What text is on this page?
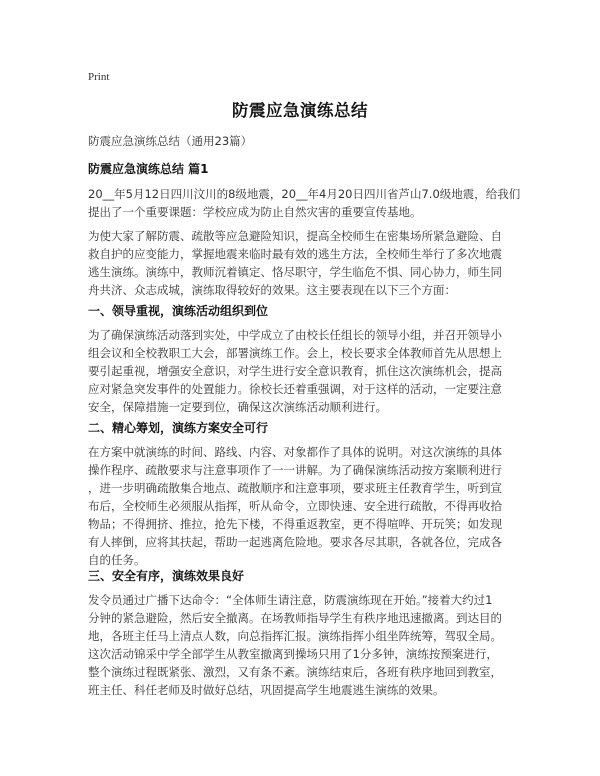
Print
防震应急演练总结
防震应急演练总结（通用23篇）
防震应急演练总结 篇1

20__年5月12日四川汶川的8级地震，20__年4月20日四川省芦山7.0级地震，给我们
提出了一个重要课题：学校应成为防止自然灾害的重要宣传基地。

为使大家了解防震、疏散等应急避险知识，提高全校师生在密集场所紧急避险、自
救自护的应变能力，掌握地震来临时最有效的逃生方法，全校师生举行了多次地震
逃生演练。演练中，教师沉着镇定、恪尽职守，学生临危不惧、同心协力，师生同
舟共济、众志成城，演练取得较好的效果。这主要表现在以下三个方面：

一、领导重视，演练活动组织到位

为了确保演练活动落到实处，中学成立了由校长任组长的领导小组，并召开领导小
组会议和全校教职工大会，部署演练工作。会上，校长要求全体教师首先从思想上
要引起重视，增强安全意识，对学生进行安全意识教育，抓住这次演练机会，提高
应对紧急突发事件的处置能力。徐校长还着重强调，对于这样的活动，一定要注意
安全，保障措施一定要到位，确保这次演练活动顺利进行。

二、精心筹划，演练方案安全可行

在方案中就演练的时间、路线、内容、对象都作了具体的说明。对这次演练的具体
操作程序、疏散要求与注意事项作了一一讲解。为了确保演练活动按方案顺利进行
，进一步明确疏散集合地点、疏散顺序和注意事项，要求班主任教育学生，听到宣
布后，全校师生必须服从指挥，听从命令，立即快速、安全进行疏散，不得再收拾
物品；不得拥挤、推拉，抢先下楼，不得重返教室，更不得喧哗、开玩笑；如发现
有人摔倒，应将其扶起，帮助一起逃离危险地。要求各尽其职，各就各位，完成各
自的任务。

三、安全有序，演练效果良好

发令员通过广播下达命令：“全体师生请注意，防震演练现在开始。”接着大约过1
分钟的紧急避险，然后安全撤离。在场教师指导学生有秩序地迅速撤离。到达目的
地，各班主任马上清点人数，向总指挥汇报。演练指挥小组坐阵统筹，驾驭全局。
这次活动锦采中学全部学生从教室撤离到操场只用了1分多钟，演练按预案进行，
整个演练过程既紧张、激烈，又有条不紊。演练结束后，各班有秩序地回到教室，
班主任、科任老师及时做好总结，巩固提高学生地震逃生演练的效果。
